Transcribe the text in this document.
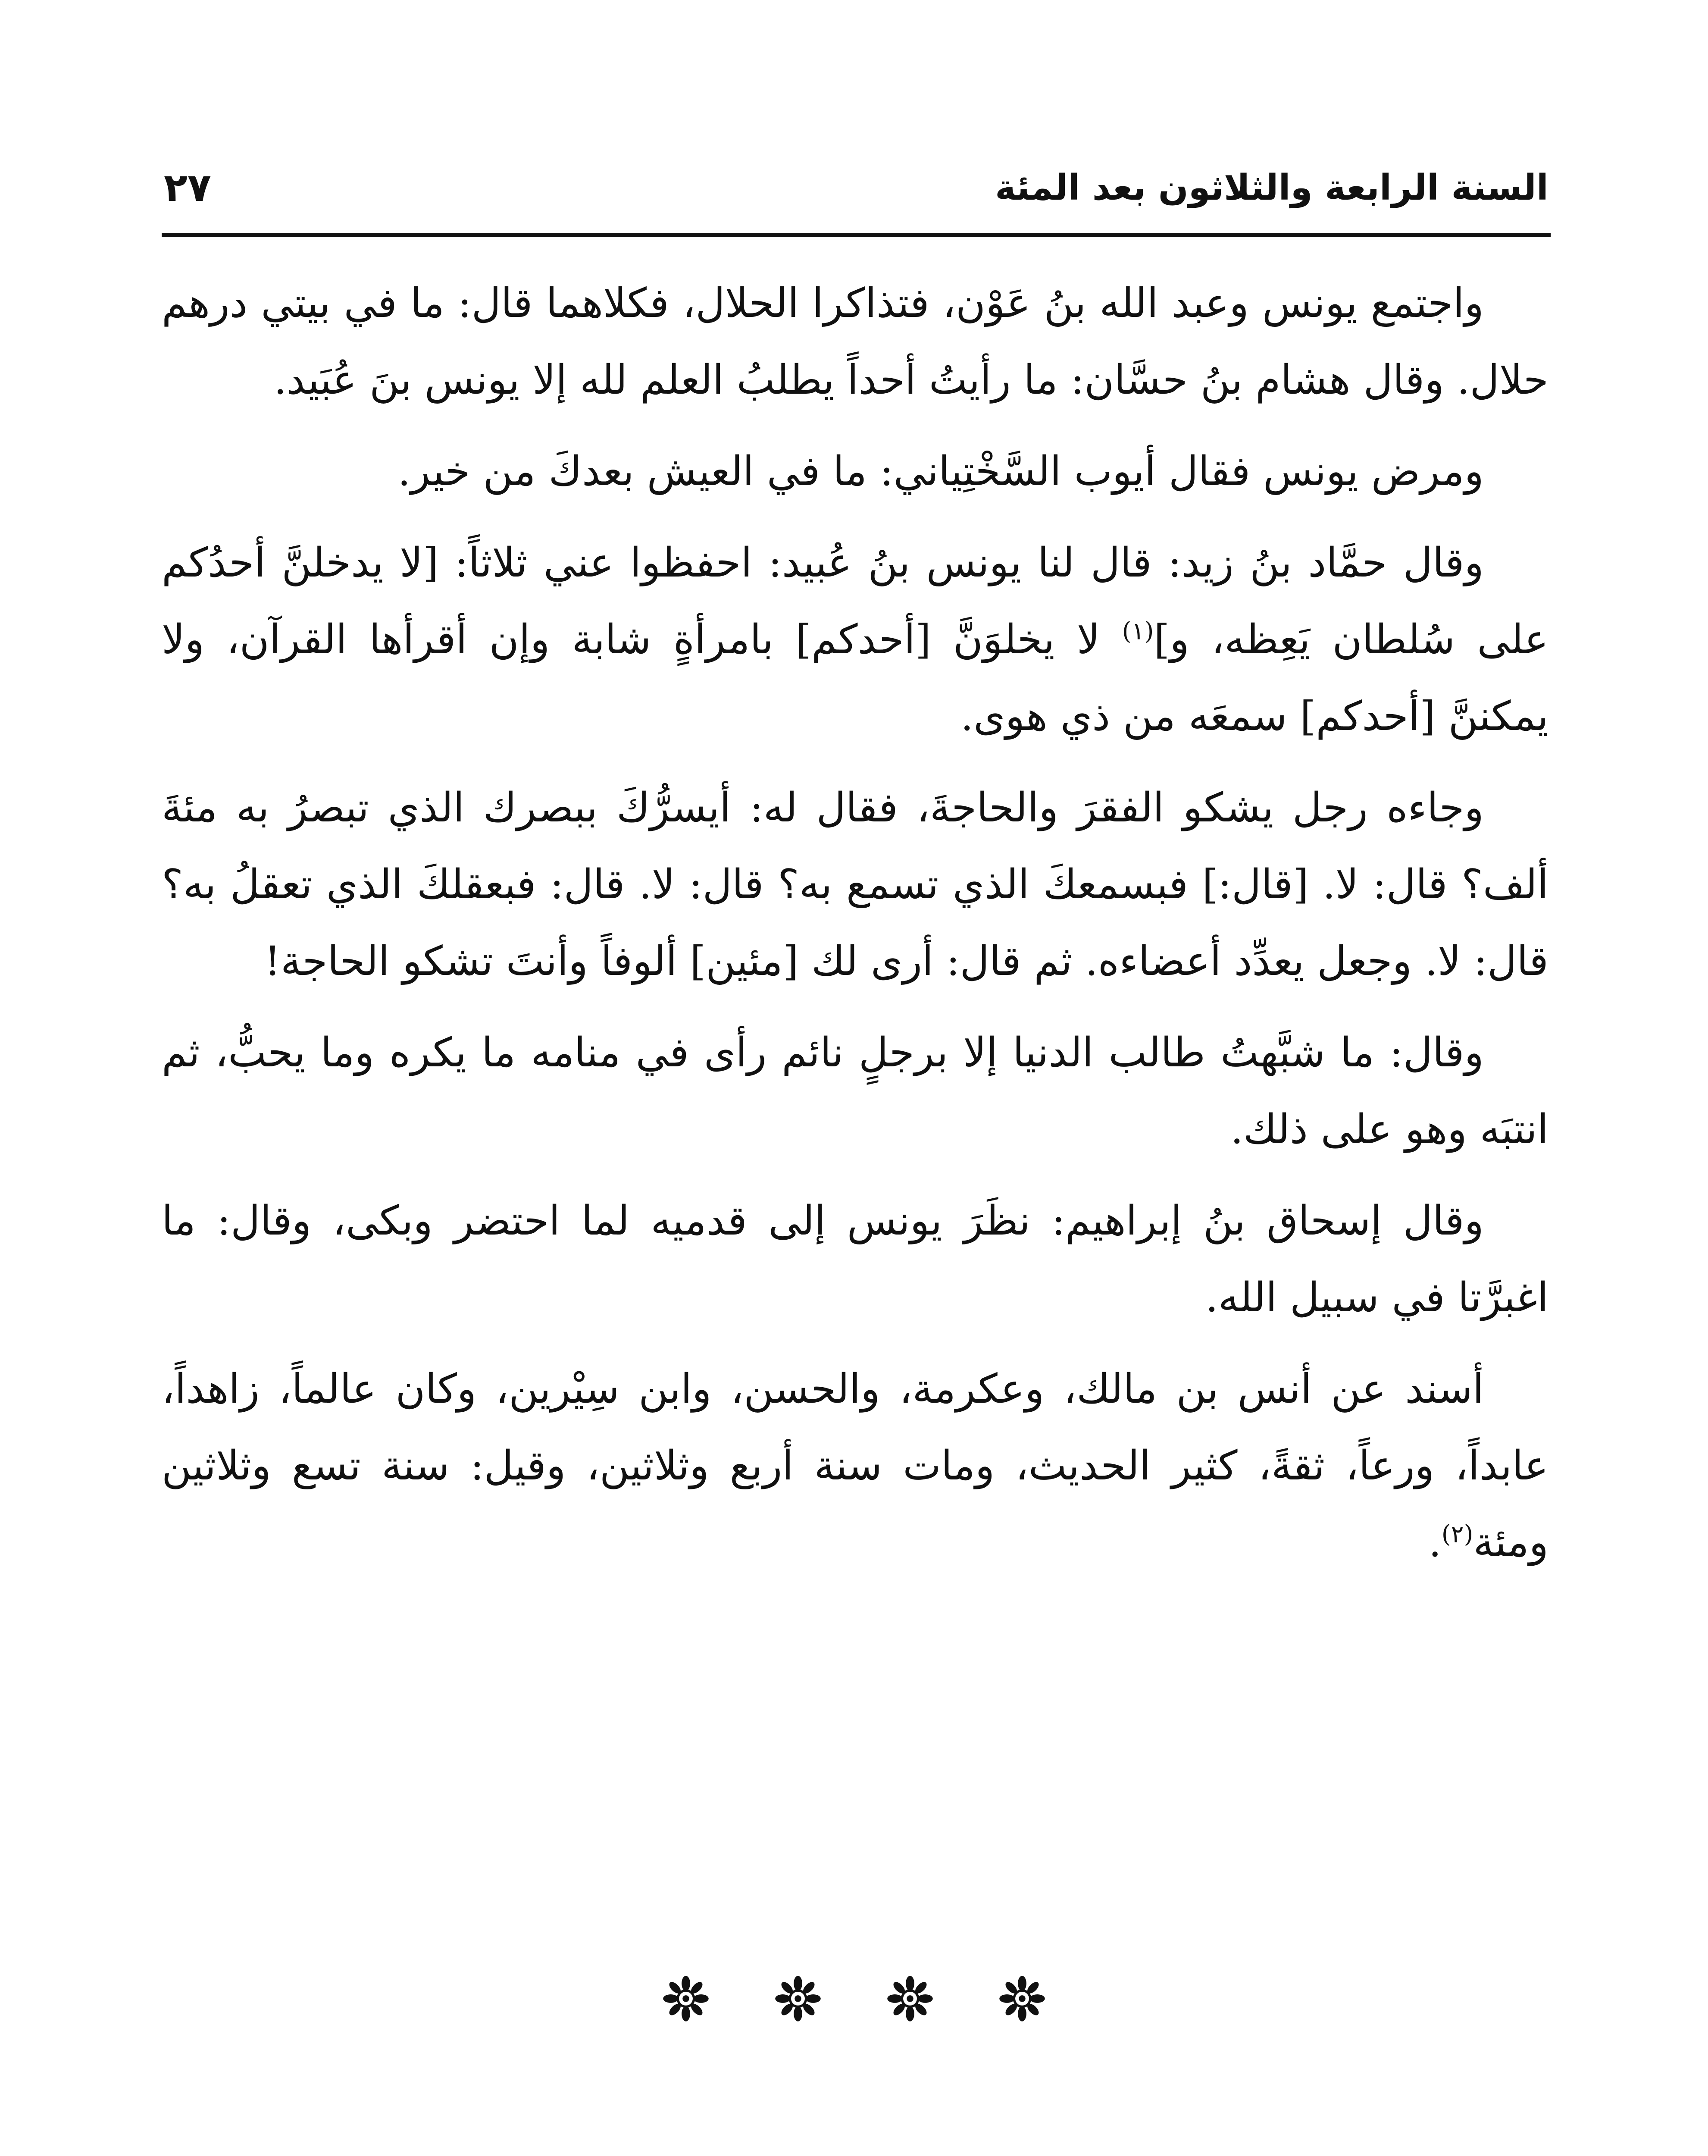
السنة الرابعة والثلاثون بعد المئة
٢٧

واجتمع يونس وعبد الله بنُ عَوْن، فتذاكرا الحلال، فكلاهما قال: ما في بيتي درهم حلال. وقال هشام بنُ حسَّان: ما رأيتُ أحداً يطلبُ العلم لله إلا يونس بنَ عُبَيد.

ومرض يونس فقال أيوب السَّخْتِياني: ما في العيش بعدكَ من خير.

وقال حمَّاد بنُ زيد: قال لنا يونس بنُ عُبيد: احفظوا عني ثلاثاً: [لا يدخلنَّ أحدُكم على سُلطان يَعِظه، و]$^{(١)}$ لا يخلوَنَّ [أحدكم] بامرأةٍ شابة وإن أقرأها القرآن، ولا يمكننَّ [أحدكم] سمعَه من ذي هوى.

وجاءه رجل يشكو الفقرَ والحاجةَ، فقال له: أيسرُّكَ ببصرك الذي تبصرُ به مئةَ ألف؟ قال: لا. [قال:] فبسمعكَ الذي تسمع به؟ قال: لا. قال: فبعقلكَ الذي تعقلُ به؟ قال: لا. وجعل يعدِّد أعضاءه. ثم قال: أرى لك [مئين] ألوفاً وأنتَ تشكو الحاجة!

وقال: ما شبَّهتُ طالب الدنيا إلا برجلٍ نائم رأى في منامه ما يكره وما يحبُّ، ثم انتبَه وهو على ذلك.

وقال إسحاق بنُ إبراهيم: نظَرَ يونس إلى قدميه لما احتضر وبكى، وقال: ما اغبرَّتا في سبيل الله.

أسند عن أنس بن مالك، وعكرمة، والحسن، وابن سِيْرين، وكان عالماً، زاهداً، عابداً، ورعاً، ثقةً، كثير الحديث، ومات سنة أربع وثلاثين، وقيل: سنة تسع وثلاثين ومئة$^{(٢)}$.
